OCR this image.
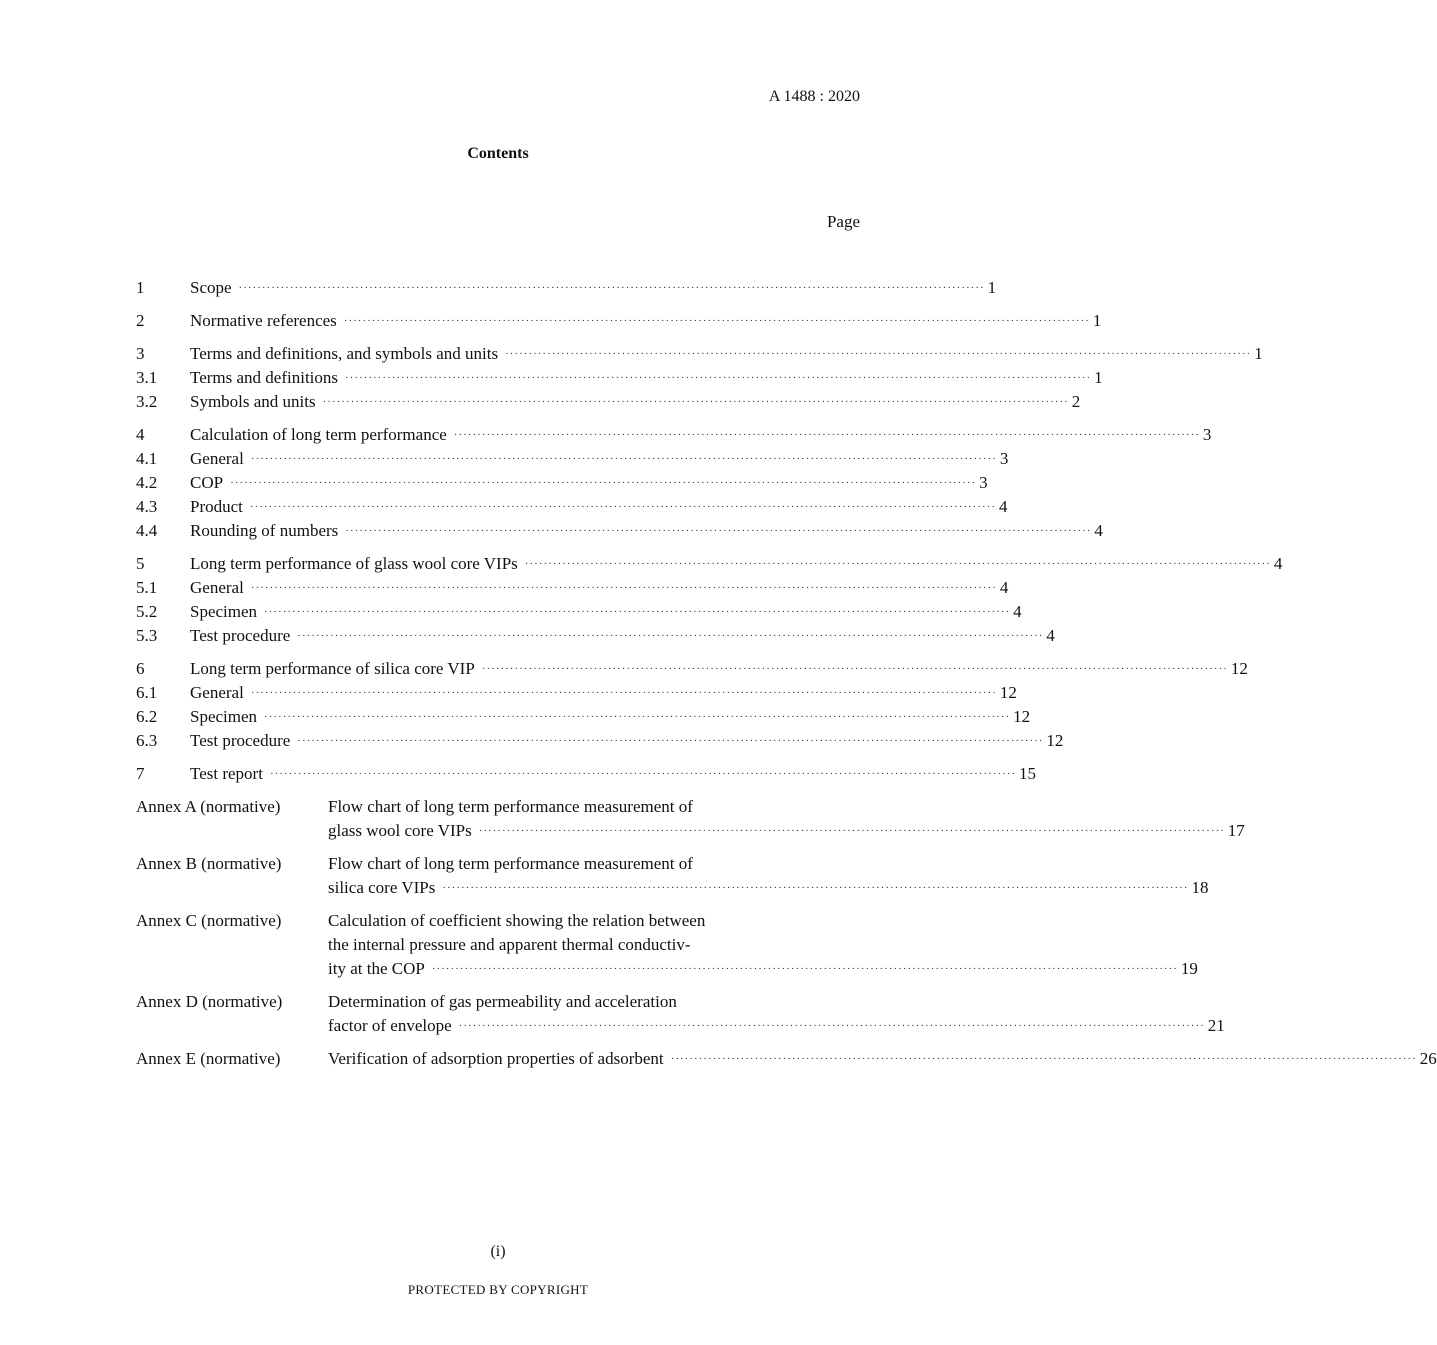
A 1488 : 2020
Contents
Page
1	Scope ·····	1
2	Normative references ·····	1
3	Terms and definitions, and symbols and units ·····	1
3.1	Terms and definitions ·····	1
3.2	Symbols and units ·····	2
4	Calculation of long term performance ·····	3
4.1	General ·····	3
4.2	COP ·····	3
4.3	Product ·····	4
4.4	Rounding of numbers ·····	4
5	Long term performance of glass wool core VIPs ·····	4
5.1	General ·····	4
5.2	Specimen ·····	4
5.3	Test procedure ·····	4
6	Long term performance of silica core VIP ·····	12
6.1	General ·····	12
6.2	Specimen ·····	12
6.3	Test procedure ·····	12
7	Test report ·····	15
Annex A (normative)	Flow chart of long term performance measurement of
glass wool core VIPs ·····	17
Annex B (normative)	Flow chart of long term performance measurement of
silica core VIPs ·····	18
Annex C (normative)	Calculation of coefficient showing the relation between
the internal pressure and apparent thermal conductiv-
ity at the COP ·····	19
Annex D (normative)	Determination of gas permeability and acceleration
factor of envelope ·····	21
Annex E (normative)	Verification of adsorption properties of adsorbent ·····	26
(i)
PROTECTED BY COPYRIGHT
